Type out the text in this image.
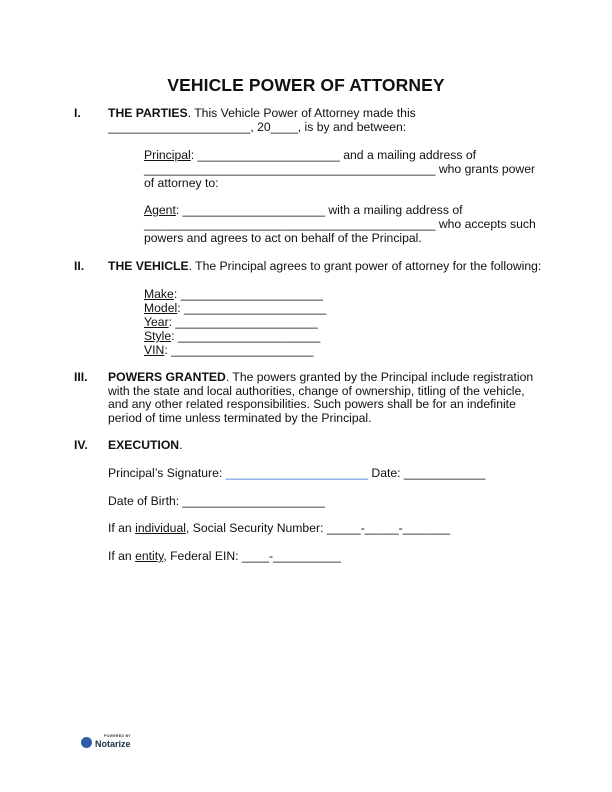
VEHICLE POWER OF ATTORNEY
I. THE PARTIES. This Vehicle Power of Attorney made this
_____________________, 20____, is by and between:
Principal: _____________________ and a mailing address of
___________________________________________ who grants power
of attorney to:
Agent: _____________________ with a mailing address of
___________________________________________ who accepts such
powers and agrees to act on behalf of the Principal.
II. THE VEHICLE. The Principal agrees to grant power of attorney for the following:
Make: _____________________
Model: _____________________
Year: _____________________
Style: _____________________
VIN: _____________________
III. POWERS GRANTED. The powers granted by the Principal include registration
with the state and local authorities, change of ownership, titling of the vehicle,
and any other related responsibilities. Such powers shall be for an indefinite
period of time unless terminated by the Principal.
IV. EXECUTION.
Principal’s Signature: _____________________ Date: ____________
Date of Birth: _____________________
If an individual, Social Security Number: _____-_____-_______
If an entity, Federal EIN: ____-__________
POWERED BY
Notarize
